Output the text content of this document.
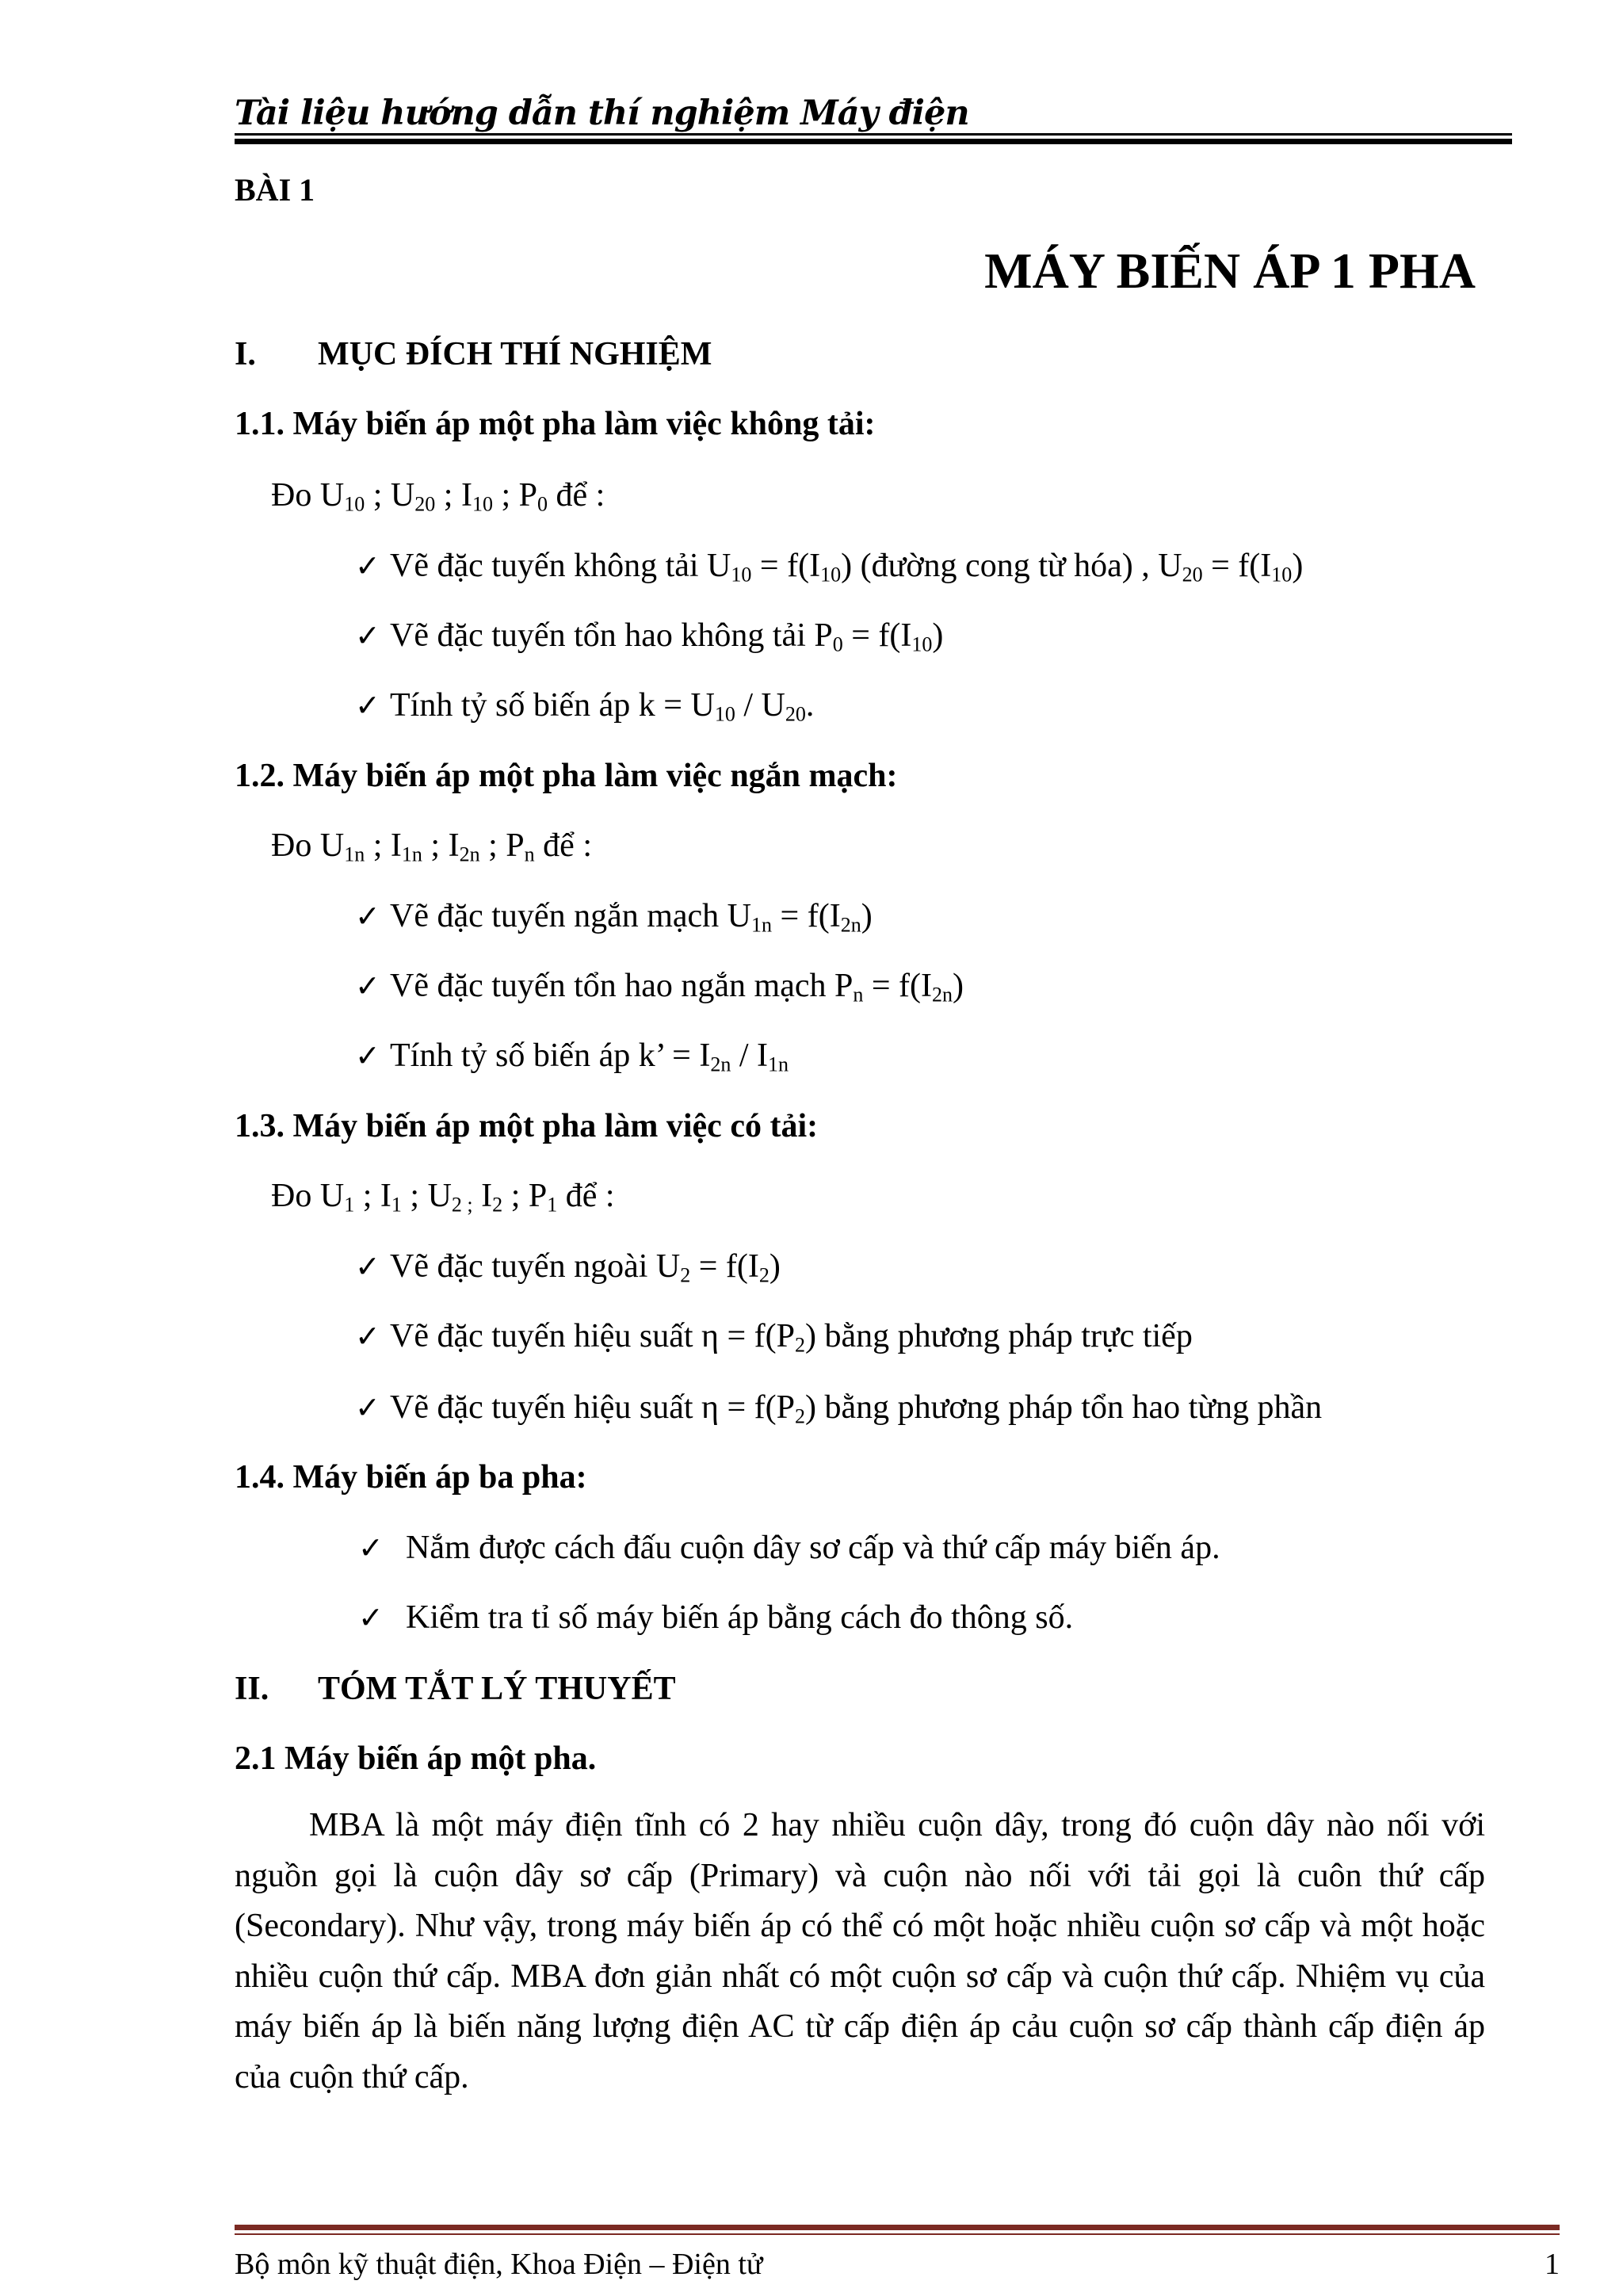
Tài liệu hướng dẫn thí nghiệm Máy điện
BÀI 1
MÁY BIẾN ÁP 1 PHA
I. MỤC ĐÍCH THÍ NGHIỆM
1.1. Máy biến áp một pha làm việc không tải:
Đo $U_{10}$ ; $U_{20}$ ; $I_{10}$ ; $P_0$ để :
✓ Vẽ đặc tuyến không tải $U_{10} = f(I_{10})$ (đường cong từ hóa) , $U_{20} = f(I_{10})$
✓ Vẽ đặc tuyến tổn hao không tải $P_0 = f(I_{10})$
✓ Tính tỷ số biến áp $k = U_{10} / U_{20}$.
1.2. Máy biến áp một pha làm việc ngắn mạch:
Đo $U_{1n}$ ; $I_{1n}$ ; $I_{2n}$ ; $P_n$ để :
✓ Vẽ đặc tuyến ngắn mạch $U_{1n} = f(I_{2n})$
✓ Vẽ đặc tuyến tổn hao ngắn mạch $P_n = f(I_{2n})$
✓ Tính tỷ số biến áp k’ = $I_{2n} / I_{1n}$
1.3. Máy biến áp một pha làm việc có tải:
Đo $U_1$ ; $I_1$ ; $U_{2 ;}$ $I_2$ ; $P_1$ để :
✓ Vẽ đặc tuyến ngoài $U_2 = f(I_2)$
✓ Vẽ đặc tuyến hiệu suất $\eta = f(P_2)$ bằng phương pháp trực tiếp
✓ Vẽ đặc tuyến hiệu suất $\eta = f(P_2)$ bằng phương pháp tổn hao từng phần
1.4. Máy biến áp ba pha:
✓ Nắm được cách đấu cuộn dây sơ cấp và thứ cấp máy biến áp.
✓ Kiểm tra tỉ số máy biến áp bằng cách đo thông số.
II. TÓM TẮT LÝ THUYẾT
2.1 Máy biến áp một pha.
MBA là một máy điện tĩnh có 2 hay nhiều cuộn dây, trong đó cuộn dây nào nối với nguồn gọi là cuộn dây sơ cấp (Primary) và cuộn nào nối với tải gọi là cuôn thứ cấp (Secondary). Như vậy, trong máy biến áp có thể có một hoặc nhiều cuộn sơ cấp và một hoặc nhiều cuộn thứ cấp. MBA đơn giản nhất có một cuộn sơ cấp và cuộn thứ cấp. Nhiệm vụ của máy biến áp là biến năng lượng điện AC từ cấp điện áp cảu cuộn sơ cấp thành cấp điện áp của cuộn thứ cấp.
Bộ môn kỹ thuật điện, Khoa Điện – Điện tử	1
